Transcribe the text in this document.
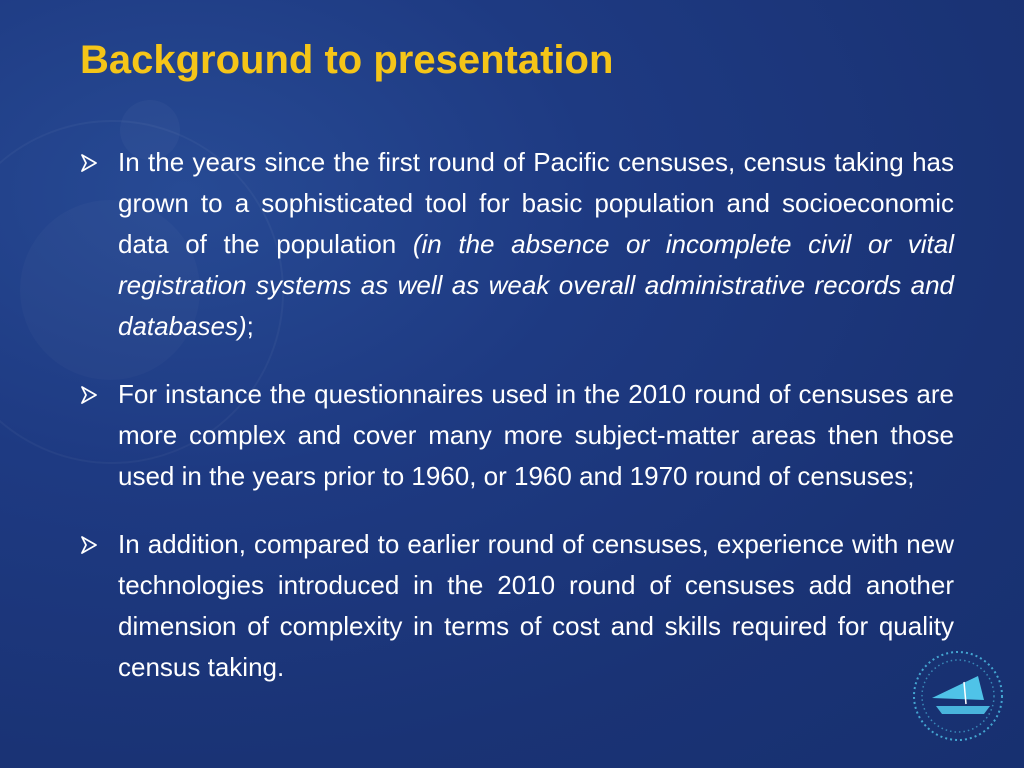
Background to presentation
In the years since the first round of Pacific censuses, census taking has grown to a sophisticated tool for basic population and socioeconomic data of the population (in the absence or incomplete civil or vital registration systems as well as weak overall administrative records and databases);
For instance the questionnaires used in the 2010 round of censuses are more complex and cover many more subject-matter areas then those used in the years prior to 1960, or 1960 and 1970 round of censuses;
In addition, compared to earlier round of censuses, experience with new technologies introduced in the 2010 round of censuses add another dimension of complexity in terms of cost and skills required for quality census taking.
